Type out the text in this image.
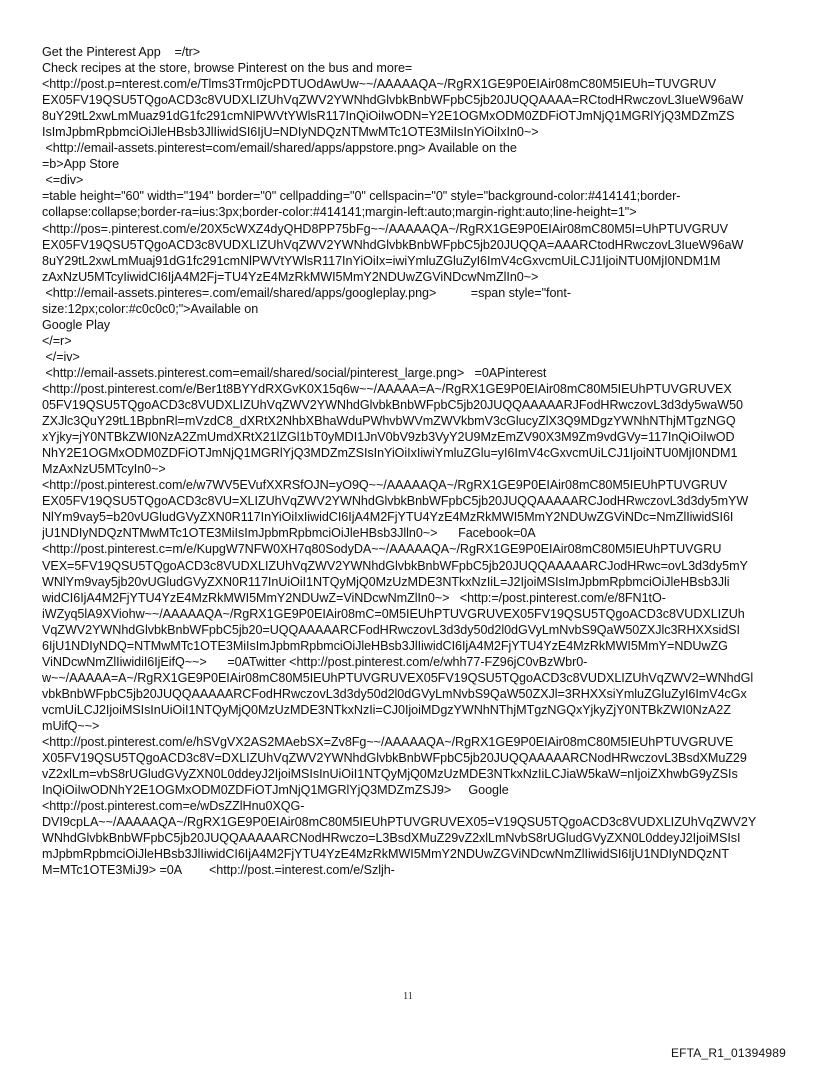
Get the Pinterest App    =/tr>
Check recipes at the store, browse Pinterest on the bus and more=
<http://post.p=nterest.com/e/Tlms3Trm0jcPDTUOdAwUw~~/AAAAAQA~/RgRX1GE9P0EIAir08mC80M5IEUh=TUVGRUV
EX05FV19QSU5TQgoACD3c8VUDXLIZUhVqZWV2YWNhdGlvbkBnbWFpbC5jb20JUQQAAAA=RCtodHRwczovL3IueW96aW
8uY29tL2xwLmMuaz91dG1fc291cmNlPWVtYWlsR117InQiOiIwODN=Y2E1OGMxODM0ZDFiOTJmNjQ1MGRlYjQ3MDZmZS
IsImJpbmRpbmciOiJleHBsb3JlIiwidSI6IjU=NDIyNDQzNTMwMTc1OTE3MiIsInYiOiIxIn0~>
<http://email-assets.pinterest=com/email/shared/apps/appstore.png> Available on the
=b>App Store
<=div>
=table height="60" width="194" border="0" cellpadding="0" cellspacin="0" style="background-color:#414141;border-
collapse:collapse;border-ra=ius:3px;border-color:#414141;margin-left:auto;margin-right:auto;line-height=1">
<http://pos=.pinterest.com/e/20X5cWXZ4dyQHD8PP75bFg~~/AAAAAQA~/RgRX1GE9P0EIAir08mC80M5I=UhPTUVGRUV
EX05FV19QSU5TQgoACD3c8VUDXLIZUhVqZWV2YWNhdGlvbkBnbWFpbC5jb20JUQQA=AAARCtodHRwczovL3IueW96aW
8uY29tL2xwLmMuaj91dG1fc291cmNlPWVtYWlsR117InYiOiIx=iwiYmluZGluZyI6ImV4cGxvcmUiLCJ1IjoiNTU0MjI0NDM1M
zAxNzU5MTcyIiwidCI6IjA4M2Fj=TU4YzE4MzRkMWI5MmY2NDUwZGViNDcwNmZlIn0~>
<http://email-assets.pinteres=.com/email/shared/apps/googleplay.png>          =span style="font-
size:12px;color:#c0c0c0;">Available on
Google Play
</=r>
</=iv>
<http://email-assets.pinterest.com=email/shared/social/pinterest_large.png>   =0APinterest
<http://post.pinterest.com/e/Ber1t8BYYdRXGvK0X15q6w~~/AAAAA=A~/RgRX1GE9P0EIAir08mC80M5IEUhPTUVGRUVEX
05FV19QSU5TQgoACD3c8VUDXLIZUhVqZWV2YWNhdGlvbkBnbWFpbC5jb20JUQQAAAAARJFodHRwczovL3d3dy5waW50
ZXJlc3QuY29tL1BpbnRl=mVzdC8_dXRtX2NhbXBhaWduPWhvbWVmZWVkbmV3cGlucyZlX3Q9MDgzYWNhNThjMTgzNGQ
xYjky=jY0NTBkZWI0NzA2ZmUmdXRtX21lZGl1bT0yMDI1JnV0bV9zb3VyY2U9MzEmZV90X3M9Zm9vdGVy=117InQiOiIwOD
NhY2E1OGMxODM0ZDFiOTJmNjQ1MGRlYjQ3MDZmZSIsInYiOiIxIiwiYmluZGlu=yI6ImV4cGxvcmUiLCJ1IjoiNTU0MjI0NDM1
MzAxNzU5MTcyIn0~>
<http://post.pinterest.com/e/w7WV5EVufXXRSfOJN=yO9Q~~/AAAAAQA~/RgRX1GE9P0EIAir08mC80M5IEUhPTUVGRUV
EX05FV19QSU5TQgoACD3c8VU=XLIZUhVqZWV2YWNhdGlvbkBnbWFpbC5jb20JUQQAAAAARCJodHRwczovL3d3dy5mYW
NlYm9vay5=b20vUGludGVyZXN0R117InYiOiIxIiwidCI6IjA4M2FjYTU4YzE4MzRkMWI5MmY2NDUwZGViNDc=NmZlIiwidSI6I
jU1NDIyNDQzNTMwMTc1OTE3MiIsImJpbmRpbmciOiJleHBsb3Jlln0~>      Facebook=0A
<http://post.pinterest.c=m/e/KupgW7NFW0XH7q80SodyDA~~/AAAAAQA~/RgRX1GE9P0EIAir08mC80M5IEUhPTUVGRU
VEX=5FV19QSU5TQgoACD3c8VUDXLIZUhVqZWV2YWNhdGlvbkBnbWFpbC5jb20JUQQAAAAARCJodHRwc=ovL3d3dy5mY
WNlYm9vay5jb20vUGludGVyZXN0R117InUiOiI1NTQyMjQ0MzUzMDE3NTkxNzIiL=J2IjoiMSIsImJpbmRpbmciOiJleHBsb3Jli
widCI6IjA4M2FjYTU4YzE4MzRkMWI5MmY2NDUwZ=ViNDcwNmZlIn0~>   <http:=/post.pinterest.com/e/8FN1tO-
iWZyq5lA9XViohw~~/AAAAAQA~/RgRX1GE9P0EIAir08mC=0M5IEUhPTUVGRUVEX05FV19QSU5TQgoACD3c8VUDXLIZUh
VqZWV2YWNhdGlvbkBnbWFpbC5jb20=UQQAAAAARCFodHRwczovL3d3dy50d2l0dGVyLmNvbS9QaW50ZXJlc3RHXXsidSI
6IjU1NDIyNDQ=NTMwMTc1OTE3MiIsImJpbmRpbmciOiJleHBsb3JlIiwidCI6IjA4M2FjYTU4YzE4MzRkMWI5MmY=NDUwZG
ViNDcwNmZlIiwidiI6IjEifQ~~>      =0ATwitter <http://post.pinterest.com/e/whh77-FZ96jC0vBzWbr0-
w~~/AAAAA=A~/RgRX1GE9P0EIAir08mC80M5IEUhPTUVGRUVEX05FV19QSU5TQgoACD3c8VUDXLIZUhVqZWV2=WNhdGl
vbkBnbWFpbC5jb20JUQQAAAAARCFodHRwczovL3d3dy50d2l0dGVyLmNvbS9QaW50ZXJl=3RHXXsiYmluZGluZyI6ImV4cGx
vcmUiLCJ2IjoiMSIsInUiOiI1NTQyMjQ0MzUzMDE3NTkxNzIi=CJ0IjoiMDgzYWNhNThjMTgzNGQxYjkyZjY0NTBkZWI0NzA2Z
mUifQ~~>
<http://post.pinterest.com/e/hSVgVX2AS2MAebSX=Zv8Fg~~/AAAAAQA~/RgRX1GE9P0EIAir08mC80M5IEUhPTUVGRUVE
X05FV19QSU5TQgoACD3c8V=DXLIZUhVqZWV2YWNhdGlvbkBnbWFpbC5jb20JUQQAAAAARCNodHRwczovL3BsdXMuZ29
vZ2xlLm=vbS8rUGludGVyZXN0L0ddeyJ2IjoiMSIsInUiOiI1NTQyMjQ0MzUzMDE3NTkxNzIiLCJiaW5kaW=nIjoiZXhwbG9yZSIs
InQiOiIwODNhY2E1OGMxODM0ZDFiOTJmNjQ1MGRlYjQ3MDZmZSJ9>     Google
<http://post.pinterest.com=e/wDsZZlHnu0XQG-
DVI9cpLA~~/AAAAAQA~/RgRX1GE9P0EIAir08mC80M5IEUhPTUVGRUVEX05=V19QSU5TQgoACD3c8VUDXLIZUhVqZWV2Y
WNhdGlvbkBnbWFpbC5jb20JUQQAAAAARCNodHRwczo=L3BsdXMuZ29vZ2xlLmNvbS8rUGludGVyZXN0L0ddeyJ2IjoiMSIsI
mJpbmRpbmciOiJleHBsb3JlIiwidCI6IjA4M2FjYTU4YzE4MzRkMWI5MmY2NDUwZGViNDcwNmZlIiwidSI6IjU1NDIyNDQzNT
M=MTc1OTE3MiJ9> =0A        <http://post.=interest.com/e/Szljh-
11
EFTA_R1_01394989
